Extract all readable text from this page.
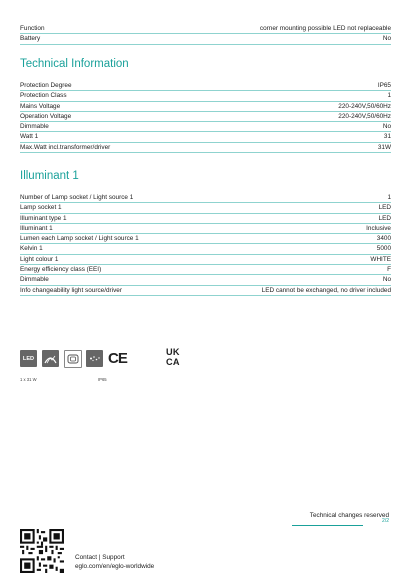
Function	corner mounting possible LED not replaceable
Battery	No
Technical Information
Protection Degree	IP65
Protection Class	1
Mains Voltage	220-240V,50/60Hz
Operation Voltage	220-240V,50/60Hz
Dimmable	No
Watt 1	31
Max.Watt incl.transformer/driver	31W
Illuminant 1
Number of Lamp socket / Light source 1	1
Lamp socket 1	LED
Illuminant type 1	LED
Illuminant 1	Inclusive
Lumen each Lamp socket / Light source 1	3400
Kelvin 1	5000
Light colour 1	WHITE
Energy efficiency class (EEI)	F
Dimmable	No
Info changeability light source/driver	LED cannot be exchanged, no driver included
LED
1 x 31 W	IP65
CE	UK
CA
Technical changes reserved
2/2
Contact | Support
eglo.com/en/eglo-worldwide
